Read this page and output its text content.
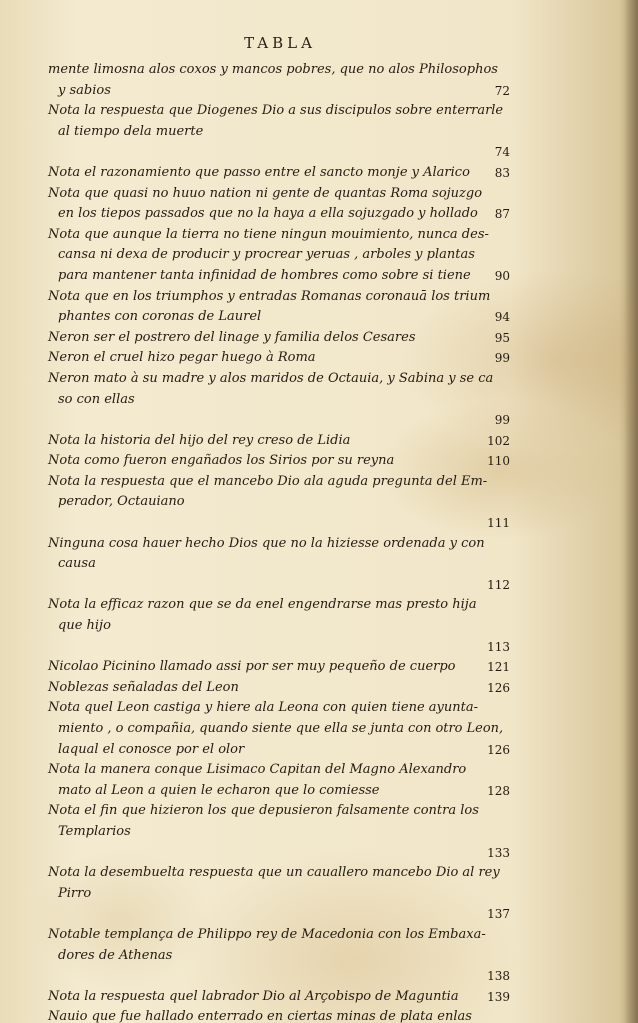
TABLA
mente limosna alos coxos y mancos pobres, que no alos Philosophos
y sabios	72
Nota la respuesta que Diogenes Dio a sus discipulos sobre enterrarle
al tiempo dela muerte
74
Nota el razonamiento que passo entre el sancto monje y Alarico 83
Nota que quasi no huuo nation ni gente de quantas Roma sojuzgo
en los tiepos passados que no la haya a ella sojuzgado y hollado 87
Nota que aunque la tierra no tiene ningun mouimiento, nunca des-
cansa ni dexa de producir y procrear yeruas , arboles y plantas
para mantener tanta infinidad de hombres como sobre si tiene 90
Nota que en los triumphos y entradas Romanas coronauā los trium
phantes con coronas de Laurel	94
Neron ser el postrero del linage y familia delos Cesares	95
Neron el cruel hizo pegar huego à Roma	99
Neron mato à su madre y alos maridos de Octauia, y Sabina y se ca
so con ellas
99
Nota la historia del hijo del rey creso de Lidia	102
Nota como fueron engañados los Sirios por su reyna	110
Nota la respuesta que el mancebo Dio ala aguda pregunta del Em-
perador, Octauiano
111
Ninguna cosa hauer hecho Dios que no la hiziesse ordenada y con
causa
112
Nota la efficaz razon que se da enel engendrarse mas presto hija
que hijo
113
Nicolao Picinino llamado assi por ser muy pequeño de cuerpo	121
Noblezas señaladas del Leon	126
Nota quel Leon castiga y hiere ala Leona con quien tiene ayunta-
miento , o compañia, quando siente que ella se junta con otro Leon,
laqual el conosce por el olor	126
Nota la manera conque Lisimaco Capitan del Magno Alexandro
mato al Leon a quien le echaron que lo comiesse	128
Nota el fin que hizieron los que depusieron falsamente contra los
Templarios
133
Nota la desembuelta respuesta que un cauallero mancebo Dio al rey
Pirro
137
Notable templança de Philippo rey de Macedonia con los Embaxa-
dores de Athenas
138
Nota la respuesta quel labrador Dio al Arçobispo de Maguntia 139
Nauio que fue hallado enterrado en ciertas minas de plata enlas
